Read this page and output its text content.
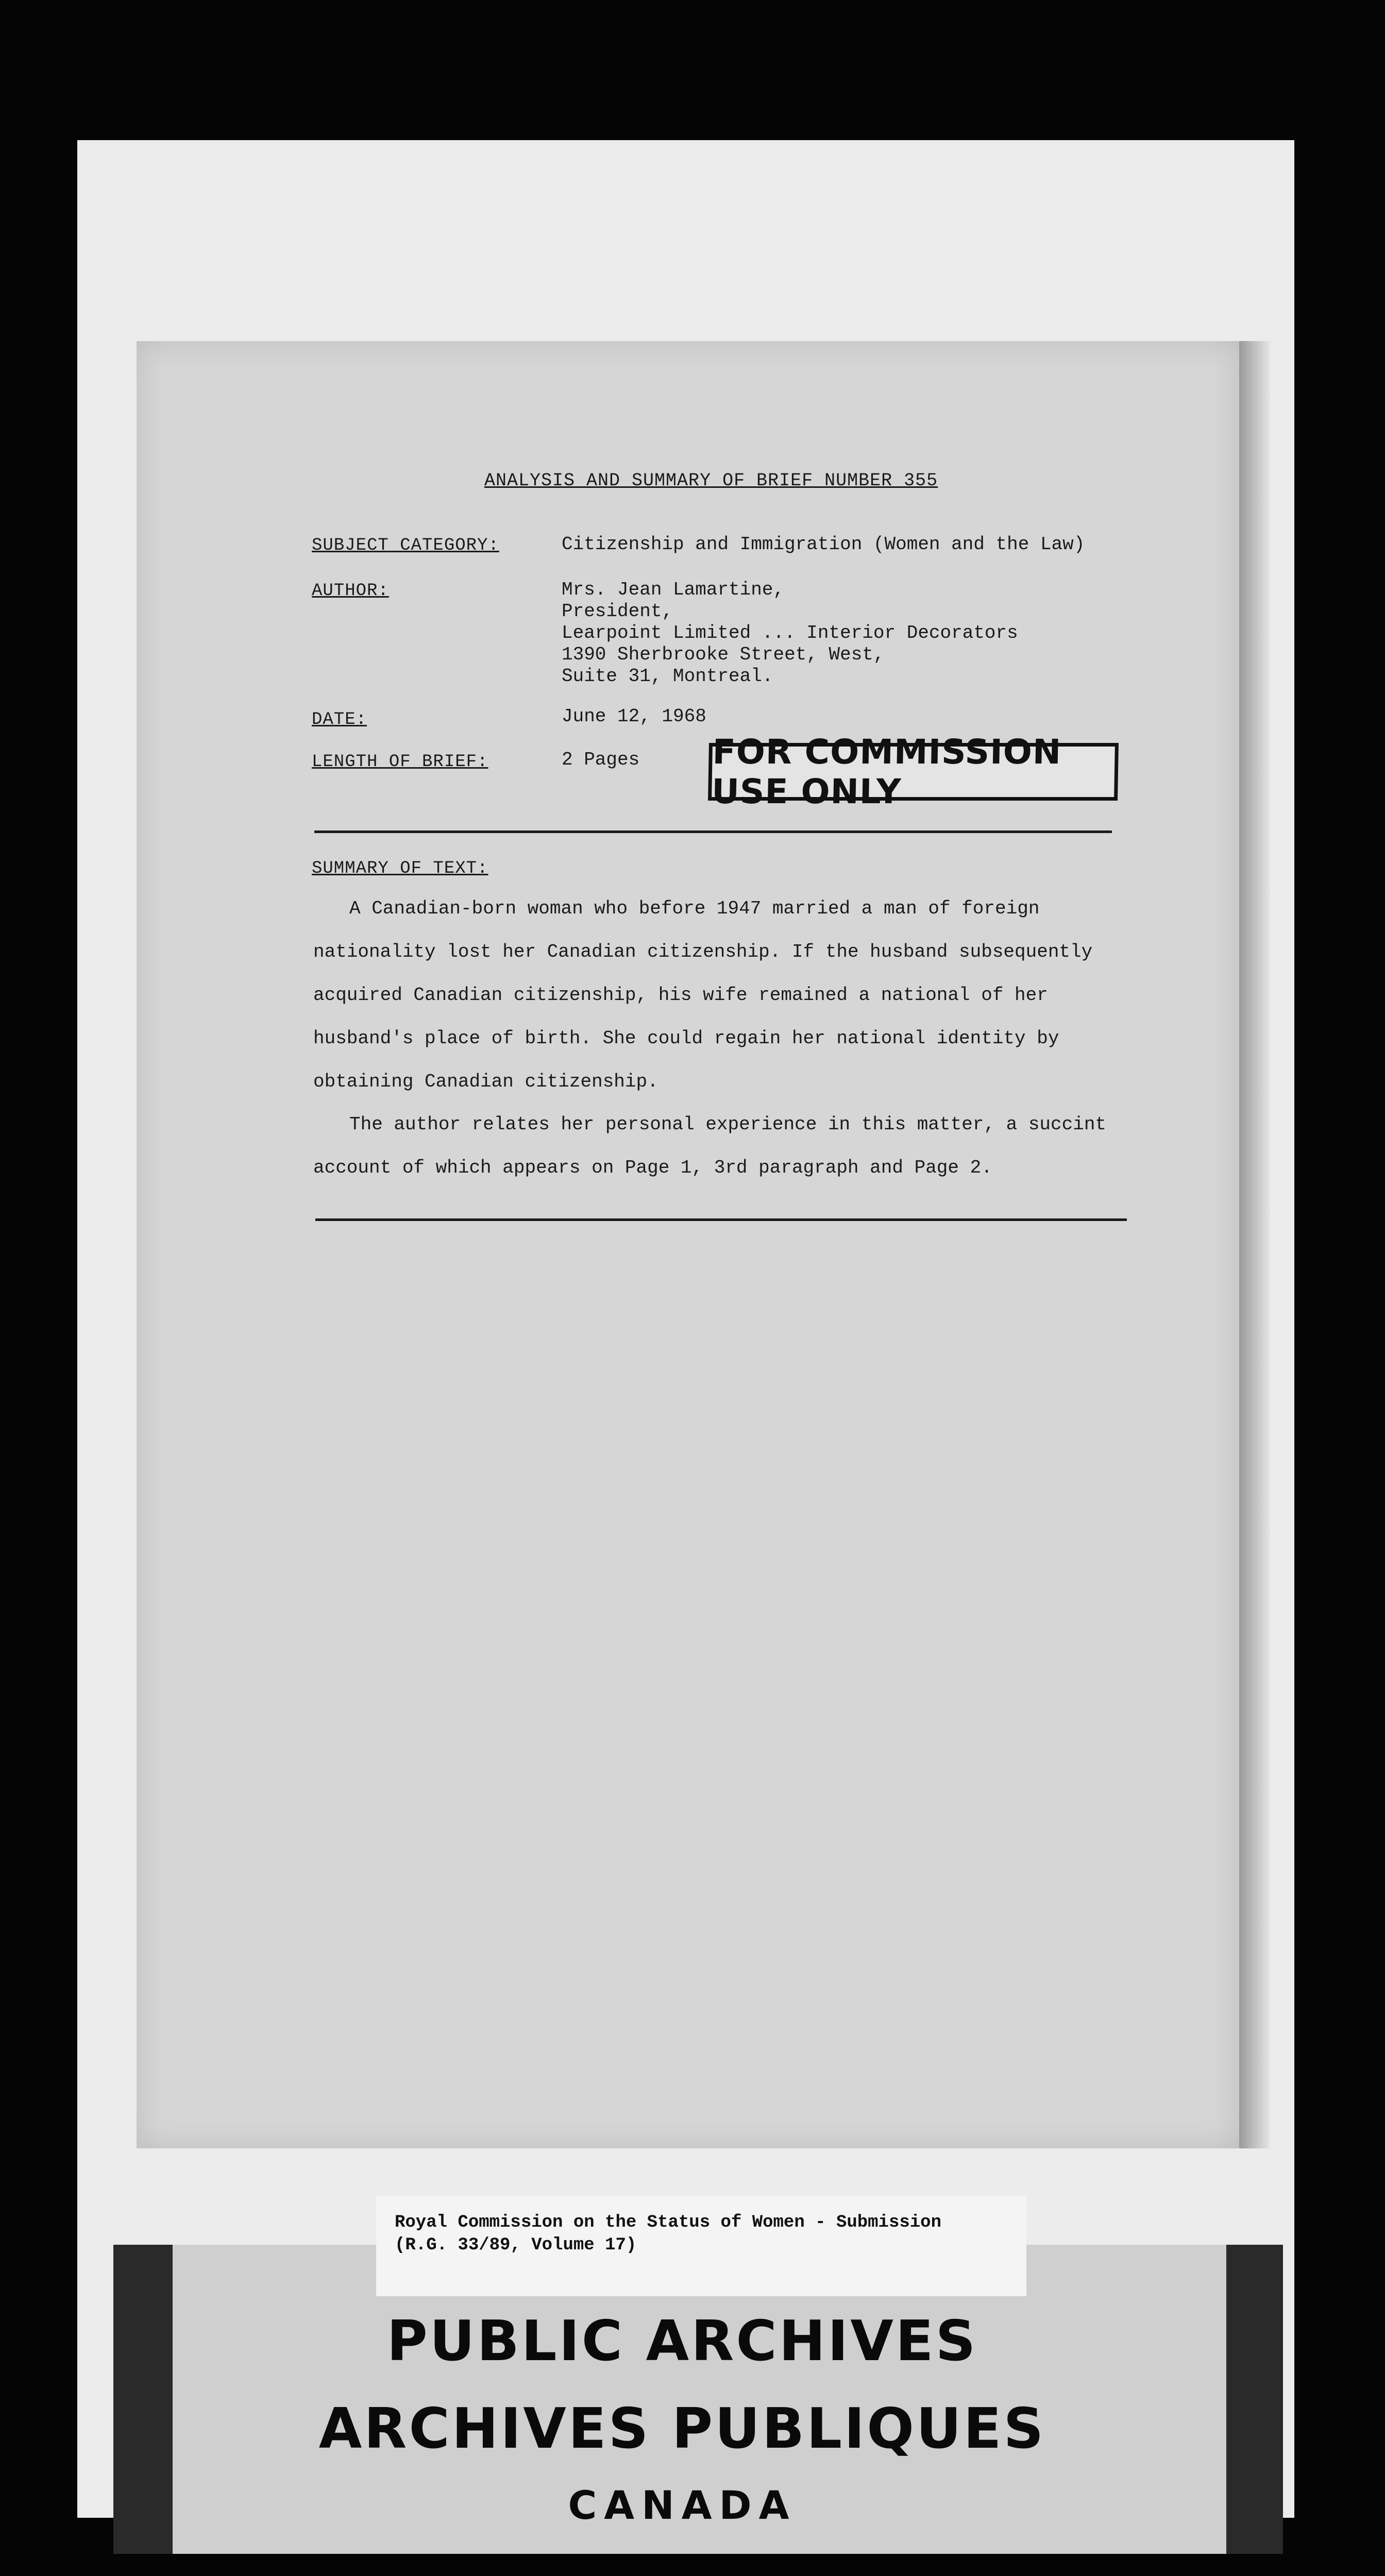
ANALYSIS AND SUMMARY OF BRIEF NUMBER 355
SUBJECT CATEGORY:	Citizenship and Immigration (Women and the Law)
AUTHOR:	Mrs. Jean Lamartine,
President,
Learpoint Limited ... Interior Decorators
1390 Sherbrooke Street, West,
Suite 31, Montreal.
DATE:	June 12, 1968
LENGTH OF BRIEF:	2 Pages FOR COMMISSION USE ONLY
SUMMARY OF TEXT:

A Canadian-born woman who before 1947 married a man of foreign nationality lost her Canadian citizenship. If the husband subsequently acquired Canadian citizenship, his wife remained a national of her husband's place of birth. She could regain her national identity by obtaining Canadian citizenship.

The author relates her personal experience in this matter, a succint account of which appears on Page 1, 3rd paragraph and Page 2.

Royal Commission on the Status of Women - Submission
(R.G. 33/89, Volume 17)
PUBLIC ARCHIVES
ARCHIVES PUBLIQUES
CANADA
